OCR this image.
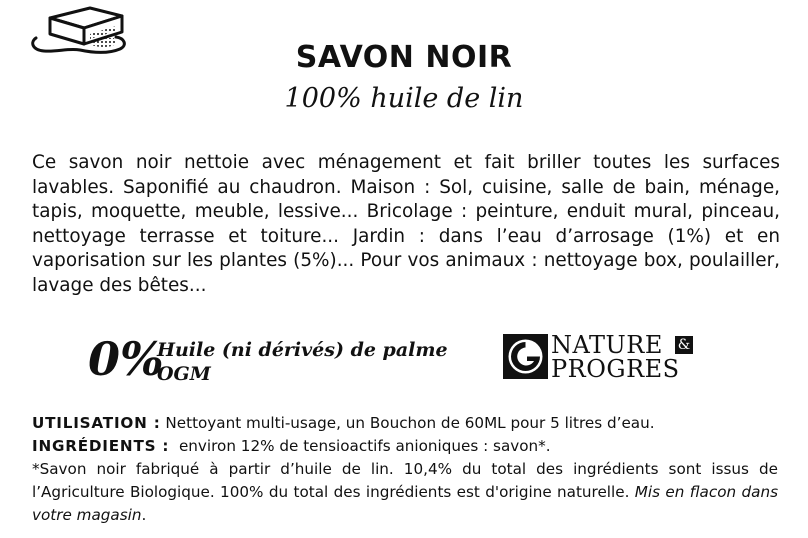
SAVON NOIR
100% huile de lin
Ce savon noir nettoie avec ménagement et fait briller toutes les surfaces lavables. Saponifié au chaudron. Maison : Sol, cuisine, salle de bain, ménage, tapis, moquette, meuble, lessive... Bricolage : peinture, enduit mural, pinceau, nettoyage terrasse et toiture... Jardin : dans l’eau d’arrosage (1%) et en vaporisation sur les plantes (5%)... Pour vos animaux : nettoyage box, poulailler, lavage des bêtes...
0%
Huile (ni dérivés) de palme
OGM
NATURE &
PROGRES
UTILISATION : Nettoyant multi-usage, un Bouchon de 60ML pour 5 litres d’eau.
INGRÉDIENTS :  environ 12% de tensioactifs anioniques : savon*.
*Savon noir fabriqué à partir d’huile de lin. 10,4% du total des ingrédients sont issus de l’Agriculture Biologique. 100% du total des ingrédients est d'origine naturelle. Mis en flacon dans votre magasin.
